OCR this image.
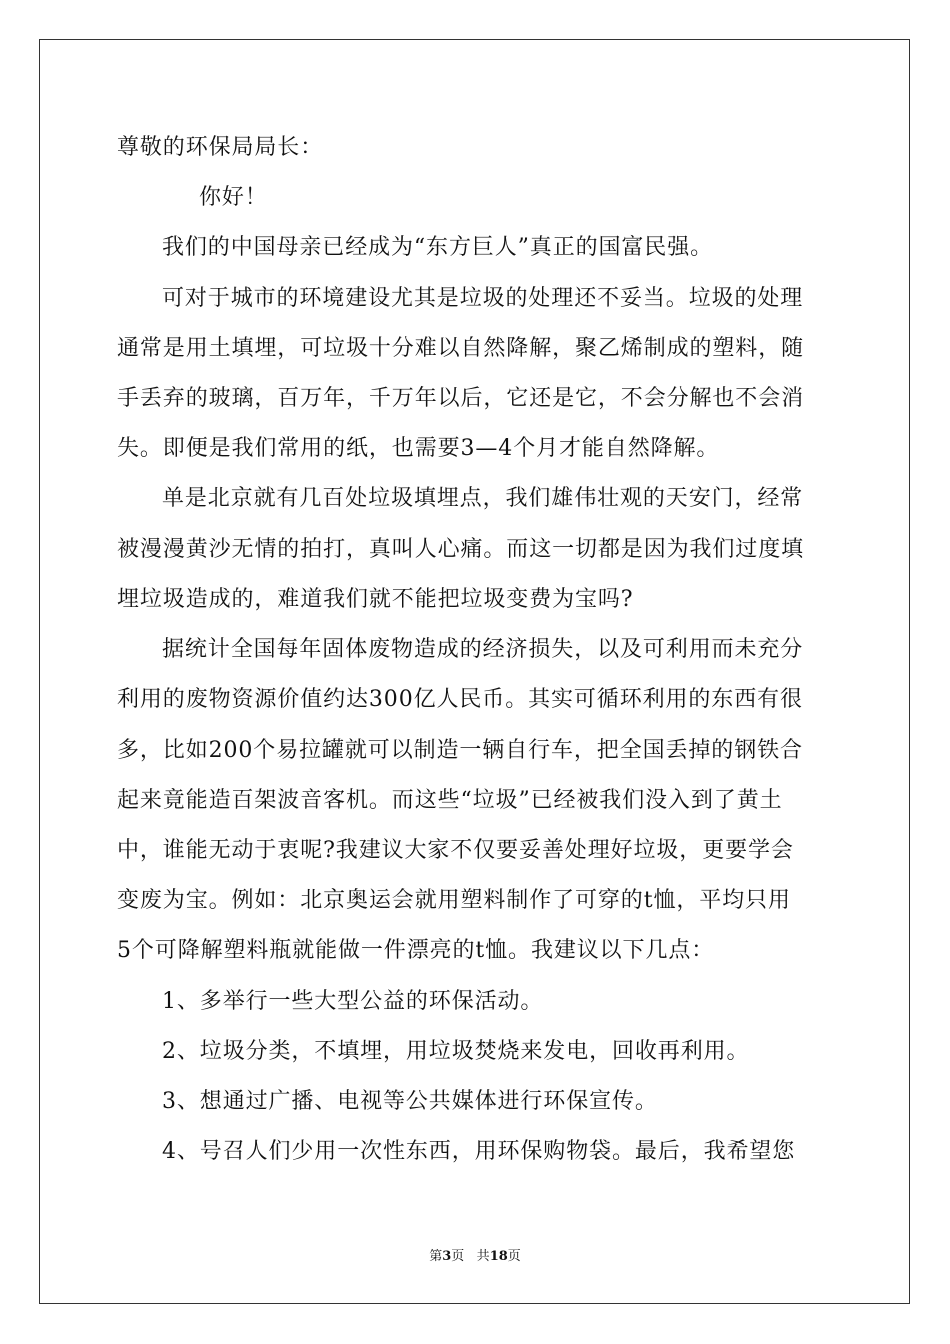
尊敬的环保局局长：
你好！
我们的中国母亲已经成为“东方巨人”真正的国富民强。
可对于城市的环境建设尤其是垃圾的处理还不妥当。垃圾的处理
通常是用土填埋，可垃圾十分难以自然降解，聚乙烯制成的塑料，随
手丢弃的玻璃，百万年，千万年以后，它还是它，不会分解也不会消
失。即便是我们常用的纸，也需要3—4个月才能自然降解。
单是北京就有几百处垃圾填埋点，我们雄伟壮观的天安门，经常
被漫漫黄沙无情的拍打，真叫人心痛。而这一切都是因为我们过度填
埋垃圾造成的，难道我们就不能把垃圾变费为宝吗?
据统计全国每年固体废物造成的经济损失，以及可利用而未充分
利用的废物资源价值约达300亿人民币。其实可循环利用的东西有很
多，比如200个易拉罐就可以制造一辆自行车，把全国丢掉的钢铁合
起来竟能造百架波音客机。而这些“垃圾”已经被我们没入到了黄土
中，谁能无动于衷呢?我建议大家不仅要妥善处理好垃圾，更要学会
变废为宝。例如：北京奥运会就用塑料制作了可穿的t恤，平均只用
5个可降解塑料瓶就能做一件漂亮的t恤。我建议以下几点：
1、多举行一些大型公益的环保活动。
2、垃圾分类，不填埋，用垃圾焚烧来发电，回收再利用。
3、想通过广播、电视等公共媒体进行环保宣传。
4、号召人们少用一次性东西，用环保购物袋。最后，我希望您
第3页 共18页
